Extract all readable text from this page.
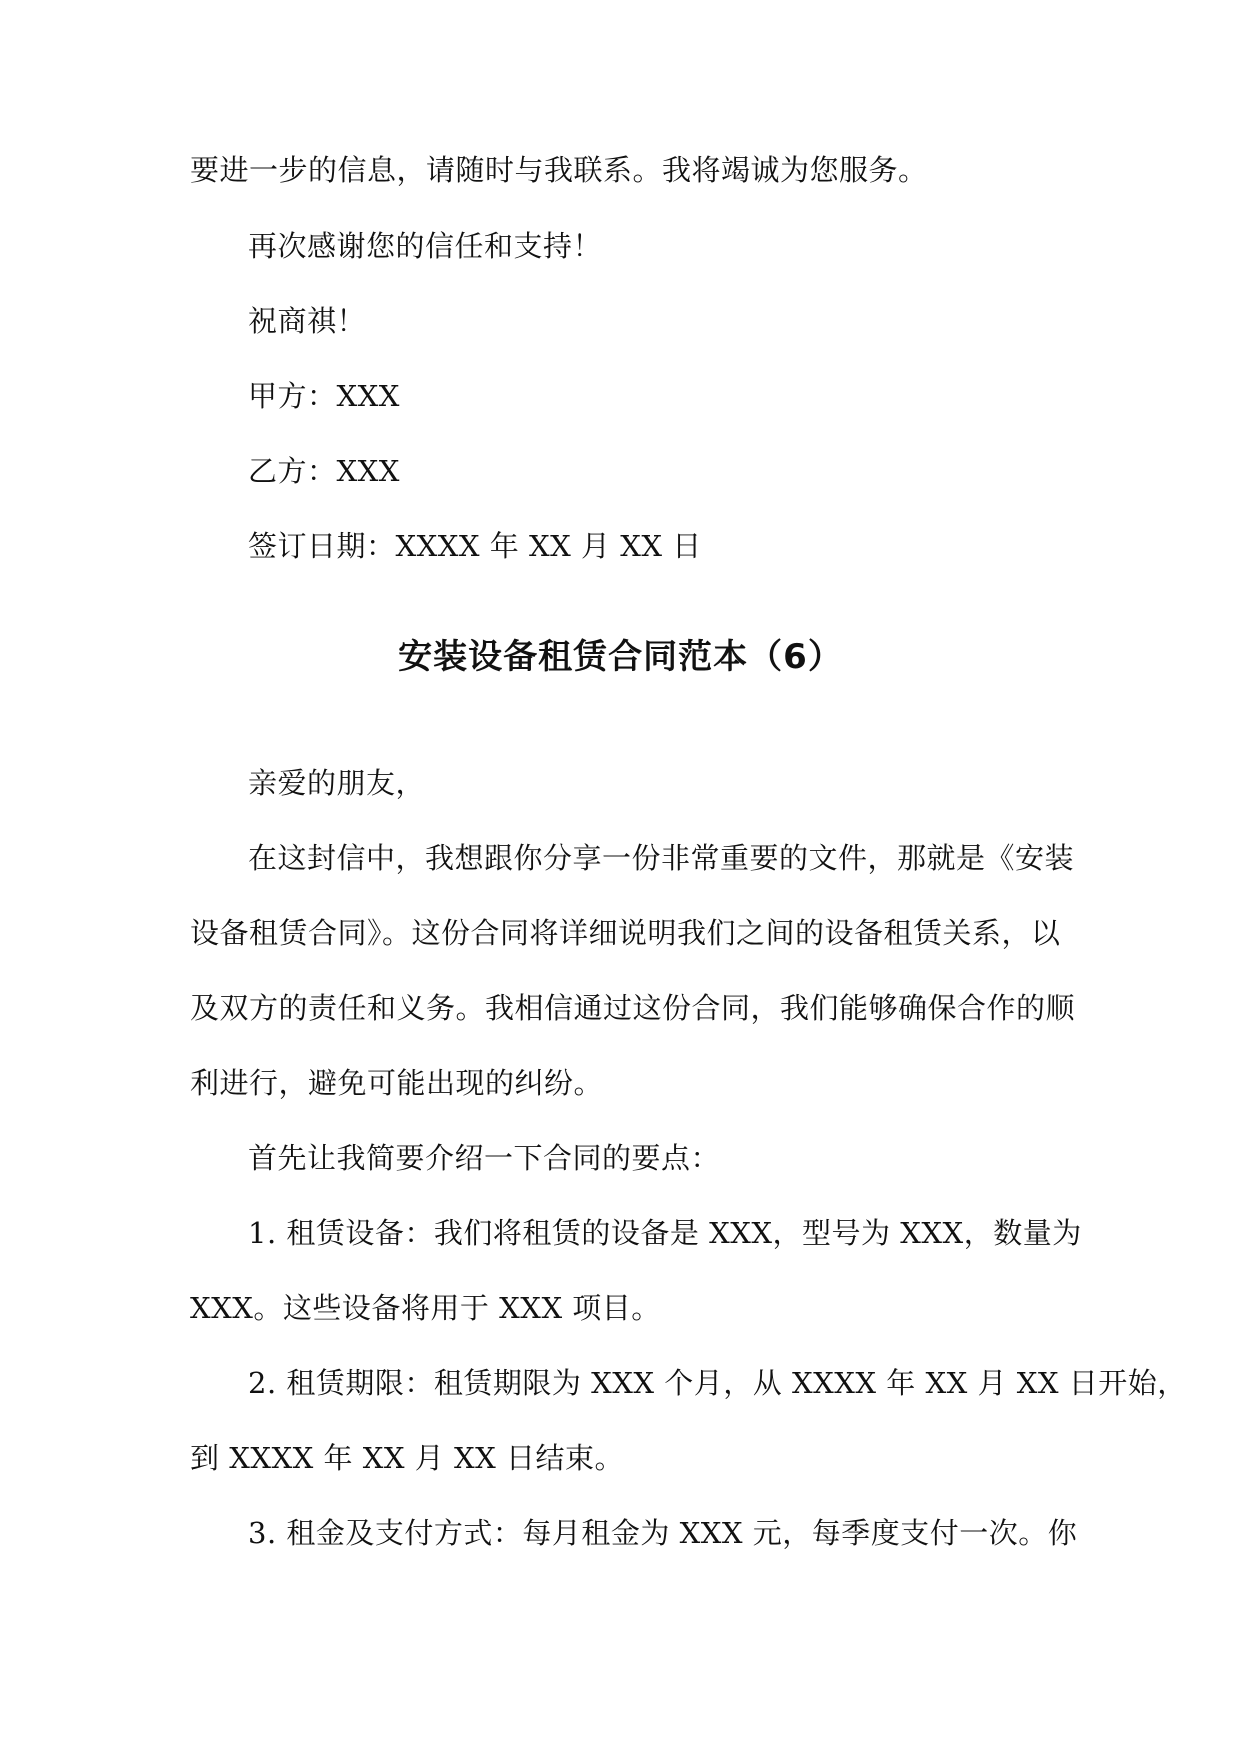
要进一步的信息，请随时与我联系。我将竭诚为您服务。
再次感谢您的信任和支持！
祝商祺！
甲方：XXX
乙方：XXX
签订日期：XXXX 年 XX 月 XX 日
安装设备租赁合同范本（6）
亲爱的朋友，
在这封信中，我想跟你分享一份非常重要的文件，那就是《安装
设备租赁合同》。这份合同将详细说明我们之间的设备租赁关系，以
及双方的责任和义务。我相信通过这份合同，我们能够确保合作的顺
利进行，避免可能出现的纠纷。
首先让我简要介绍一下合同的要点：
1. 租赁设备：我们将租赁的设备是 XXX，型号为 XXX，数量为
XXX。这些设备将用于 XXX 项目。
2. 租赁期限：租赁期限为 XXX 个月，从 XXXX 年 XX 月 XX 日开始，
到 XXXX 年 XX 月 XX 日结束。
3. 租金及支付方式：每月租金为 XXX 元，每季度支付一次。你
